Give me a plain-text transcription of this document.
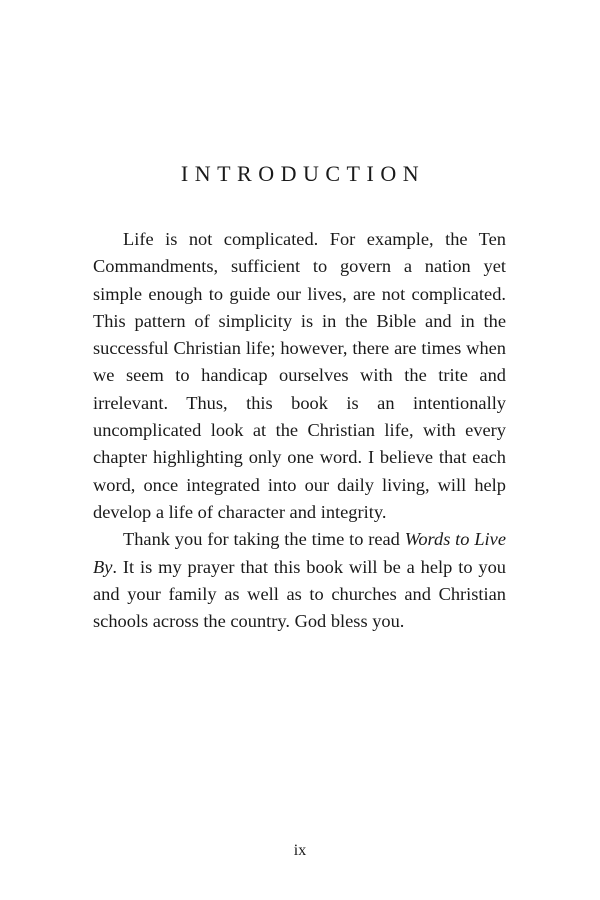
INTRODUCTION

Life is not complicated. For example, the Ten Commandments, sufficient to govern a nation yet simple enough to guide our lives, are not complicated. This pattern of simplicity is in the Bible and in the successful Christian life; however, there are times when we seem to handicap ourselves with the trite and irrelevant. Thus, this book is an intentionally uncomplicated look at the Christian life, with every chapter highlighting only one word. I believe that each word, once integrated into our daily living, will help develop a life of character and integrity.

Thank you for taking the time to read Words to Live By. It is my prayer that this book will be a help to you and your family as well as to churches and Christian schools across the country. God bless you.

ix
